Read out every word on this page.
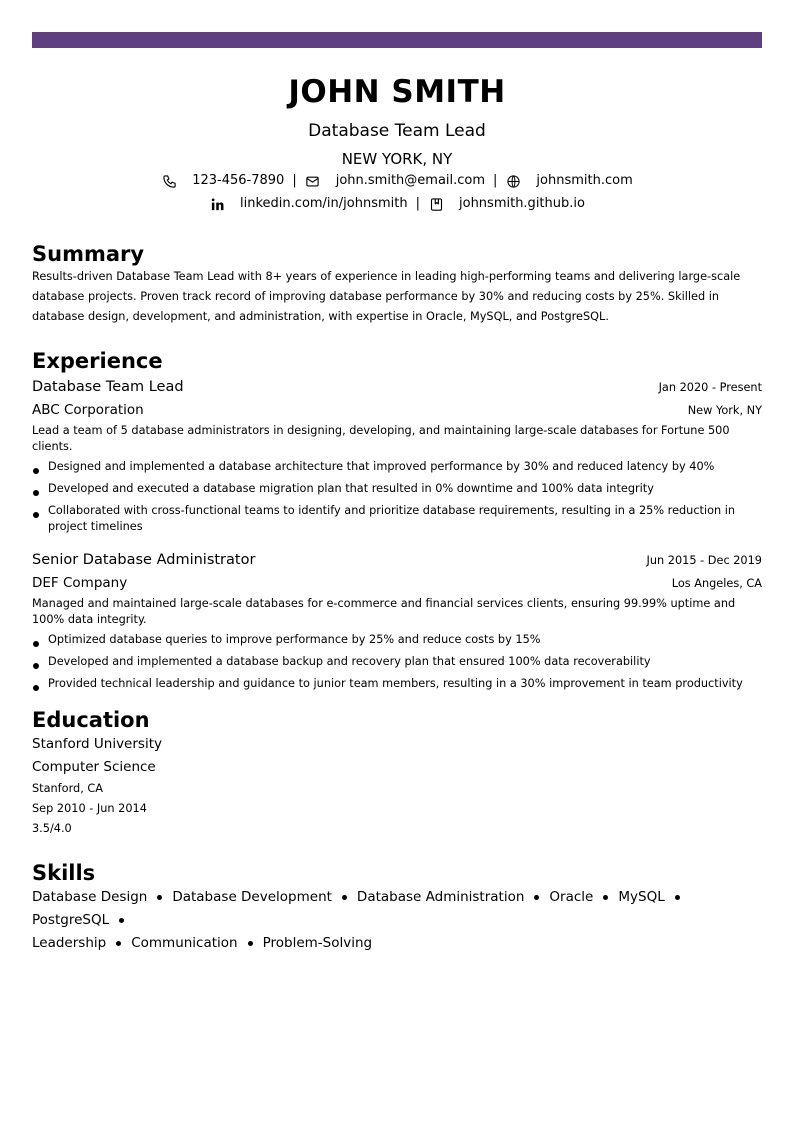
JOHN SMITH
Database Team Lead
NEW YORK, NY
123-456-7890 |	john.smith@email.com |	johnsmith.com
linkedin.com/in/johnsmith |	johnsmith.github.io
Summary
Results-driven Database Team Lead with 8+ years of experience in leading high-performing teams and delivering large-scale database projects. Proven track record of improving database performance by 30% and reducing costs by 25%. Skilled in database design, development, and administration, with expertise in Oracle, MySQL, and PostgreSQL.
Experience
Database Team Lead	Jan 2020 - Present
ABC Corporation	New York, NY
Lead a team of 5 database administrators in designing, developing, and maintaining large-scale databases for Fortune 500 clients.
Designed and implemented a database architecture that improved performance by 30% and reduced latency by 40%
Developed and executed a database migration plan that resulted in 0% downtime and 100% data integrity
Collaborated with cross-functional teams to identify and prioritize database requirements, resulting in a 25% reduction in project timelines
Senior Database Administrator	Jun 2015 - Dec 2019
DEF Company	Los Angeles, CA
Managed and maintained large-scale databases for e-commerce and financial services clients, ensuring 99.99% uptime and 100% data integrity.
Optimized database queries to improve performance by 25% and reduce costs by 15%
Developed and implemented a database backup and recovery plan that ensured 100% data recoverability
Provided technical leadership and guidance to junior team members, resulting in a 30% improvement in team productivity
Education
Stanford University
Computer Science
Stanford, CA
Sep 2010 - Jun 2014
3.5/4.0
Skills
Database Design Database Development Database Administration Oracle MySQLPostgreSQL
Leadership Communication Problem-Solving
